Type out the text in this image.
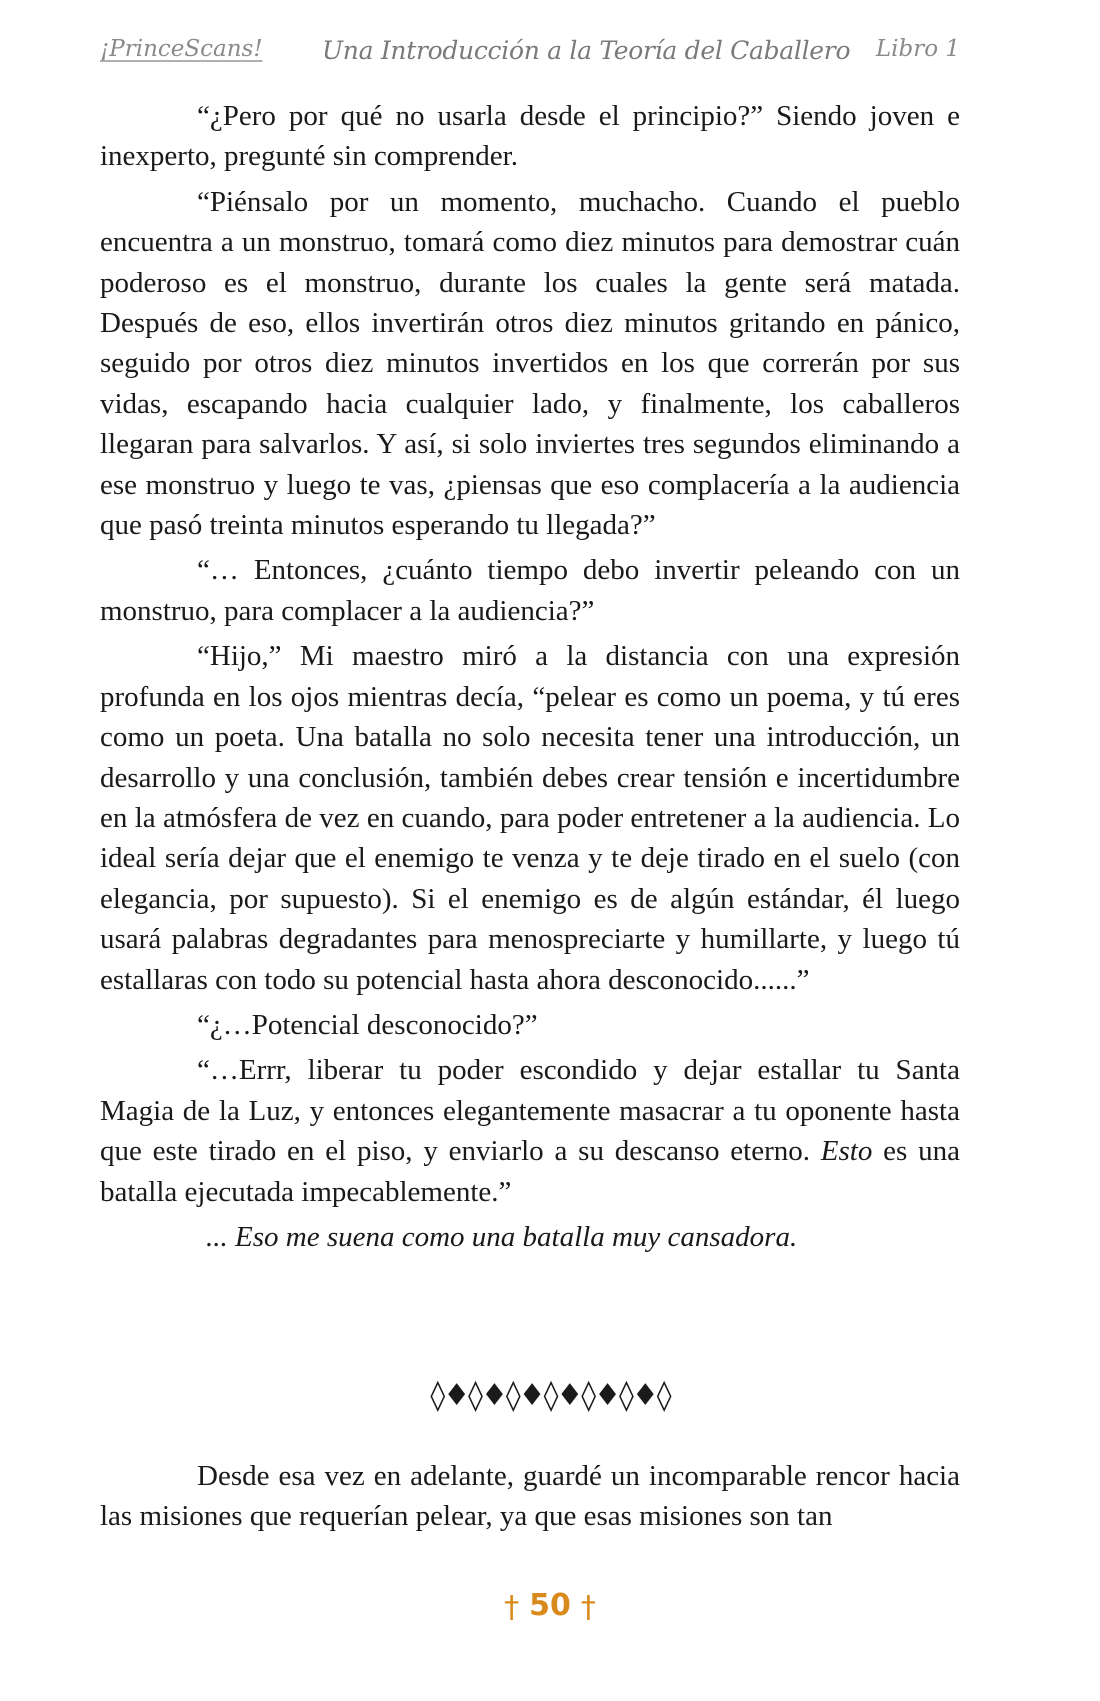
¡PrinceScans! Una Introducción a la Teoría del Caballero Libro 1

“¿Pero por qué no usarla desde el principio?” Siendo joven e inexperto, pregunté sin comprender.

“Piénsalo por un momento, muchacho. Cuando el pueblo encuentra a un monstruo, tomará como diez minutos para demostrar cuán poderoso es el monstruo, durante los cuales la gente será matada. Después de eso, ellos invertirán otros diez minutos gritando en pánico, seguido por otros diez minutos invertidos en los que correrán por sus vidas, escapando hacia cualquier lado, y finalmente, los caballeros llegaran para salvarlos. Y así, si solo inviertes tres segundos eliminando a ese monstruo y luego te vas, ¿piensas que eso complacería a la audiencia que pasó treinta minutos esperando tu llegada?”

“… Entonces, ¿cuánto tiempo debo invertir peleando con un monstruo, para complacer a la audiencia?”

“Hijo,” Mi maestro miró a la distancia con una expresión profunda en los ojos mientras decía, “pelear es como un poema, y tú eres como un poeta. Una batalla no solo necesita tener una introducción, un desarrollo y una conclusión, también debes crear tensión e incertidumbre en la atmósfera de vez en cuando, para poder entretener a la audiencia. Lo ideal sería dejar que el enemigo te venza y te deje tirado en el suelo (con elegancia, por supuesto). Si el enemigo es de algún estándar, él luego usará palabras degradantes para menospreciarte y humillarte, y luego tú estallaras con todo su potencial hasta ahora desconocido......”

“¿…Potencial desconocido?”

“…Errr, liberar tu poder escondido y dejar estallar tu Santa Magia de la Luz, y entonces elegantemente masacrar a tu oponente hasta que este tirado en el piso, y enviarlo a su descanso eterno. Esto es una batalla ejecutada impecablemente.”

... Eso me suena como una batalla muy cansadora.

◊♦◊♦◊♦◊♦◊♦◊♦◊

Desde esa vez en adelante, guardé un incomparable rencor hacia las misiones que requerían pelear, ya que esas misiones son tan

† 50 †
